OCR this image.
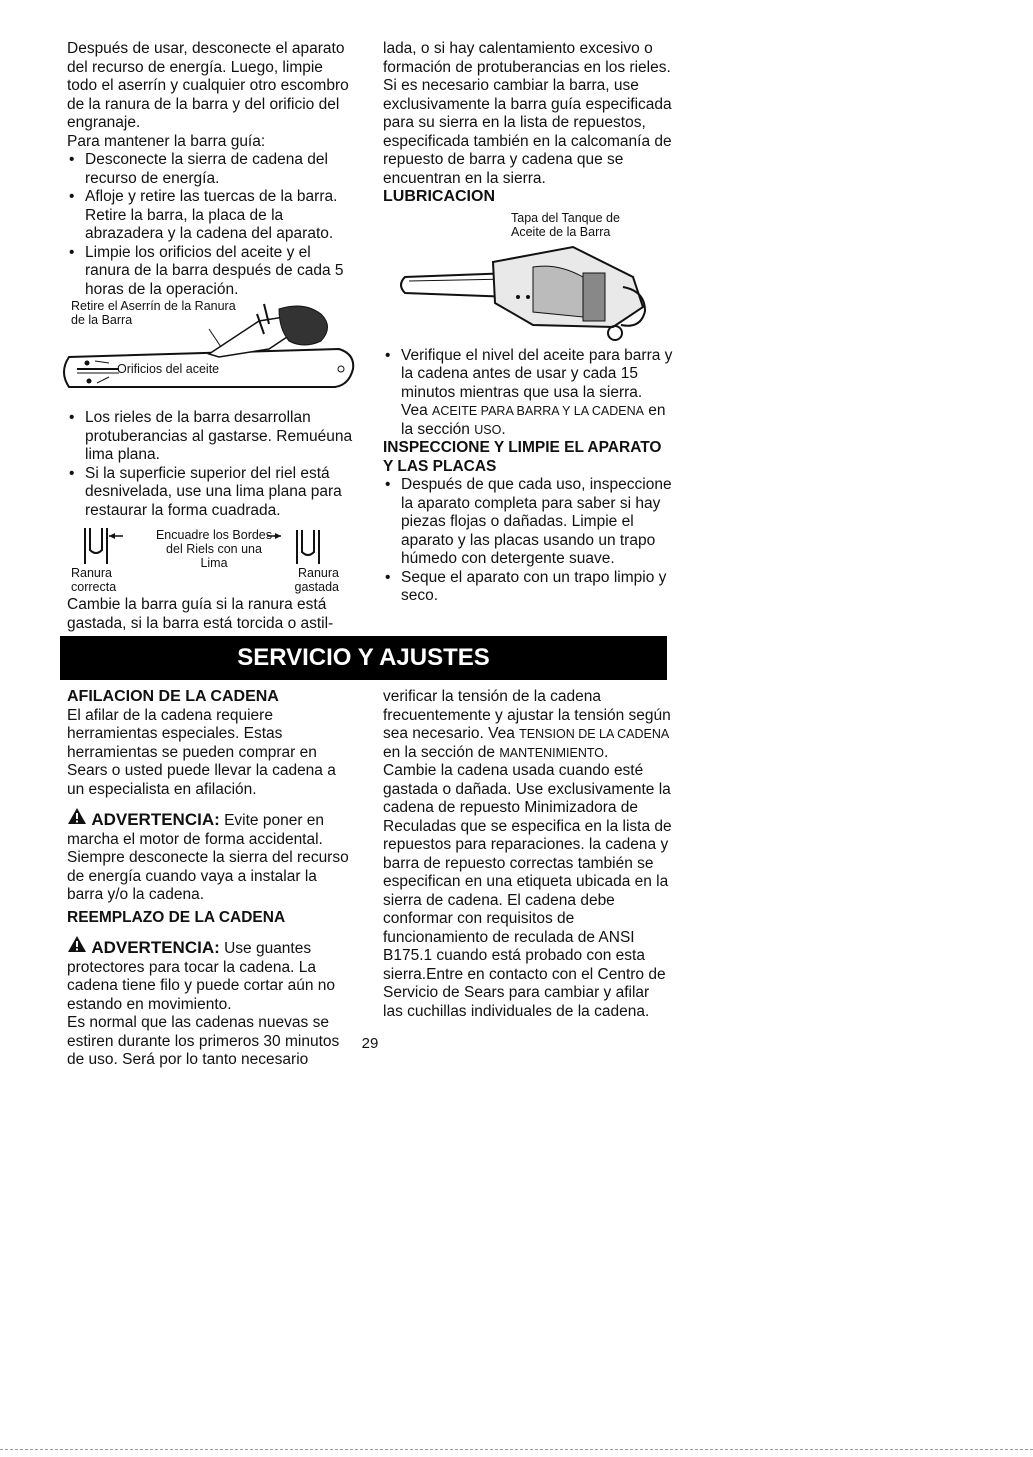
Después de usar, desconecte el aparato del recurso de energía. Luego, limpie todo el aserrín y cualquier otro escombro de la ranura de la barra y del orificio del engranaje.

Para mantener la barra guía:

• Desconecte la sierra de cadena del recurso de energía.

• Afloje y retire las tuercas de la barra. Retire la barra, la placa de la abrazadera y la cadena del aparato.

• Limpie los orificios del aceite y el ranura de la barra después de cada 5 horas de la operación.

Retire el Aserrín de la Ranura de la Barra
Orificios del aceite

• Los rieles de la barra desarrollan protuberancias al gastarse. Remuéuna lima plana.

• Si la superficie superior del riel está desnivelada, use una lima plana para restaurar la forma cuadrada.

Encuadre los Bordes del Riels con una Lima
Ranura correcta
Ranura gastada

Cambie la barra guía si la ranura está gastada, si la barra está torcida o astil-

lada, o si hay calentamiento excesivo o formación de protuberancias en los rieles. Si es necesario cambiar la barra, use exclusivamente la barra guía especificada para su sierra en la lista de repuestos, especificada también en la calcomanía de repuesto de barra y cadena que se encuentran en la sierra.

LUBRICACION

Tapa del Tanque de Aceite de la Barra

• Verifique el nivel del aceite para barra y la cadena antes de usar y cada 15 minutos mientras que usa la sierra. Vea ACEITE PARA BARRA Y LA CADENA en la sección USO.

INSPECCIONE Y LIMPIE EL APARATO Y LAS PLACAS

• Después de que cada uso, inspeccione la aparato completa para saber si hay piezas flojas o dañadas. Limpie el aparato y las placas usando un trapo húmedo con detergente suave.

• Seque el aparato con un trapo limpio y seco.

SERVICIO Y AJUSTES

AFILACION DE LA CADENA

El afilar de la cadena requiere herramientas especiales. Estas herramientas se pueden comprar en Sears o usted puede llevar la cadena a un especialista en afilación.

ADVERTENCIA: Evite poner en marcha el motor de forma accidental. Siempre desconecte la sierra del recurso de energía cuando vaya a instalar la barra y/o la cadena.

REEMPLAZO DE LA CADENA

ADVERTENCIA: Use guantes protectores para tocar la cadena. La cadena tiene filo y puede cortar aún no estando en movimiento.

Es normal que las cadenas nuevas se estiren durante los primeros 30 minutos de uso. Será por lo tanto necesario

verificar la tensión de la cadena frecuentemente y ajustar la tensión según sea necesario. Vea TENSION DE LA CADENA en la sección de MANTENIMIENTO.

Cambie la cadena usada cuando esté gastada o dañada. Use exclusivamente la cadena de repuesto Minimizadora de Reculadas que se especifica en la lista de repuestos para reparaciones. la cadena y barra de repuesto correctas también se especifican en una etiqueta ubicada en la sierra de cadena. El cadena debe conformar con requisitos de funcionamiento de reculada de ANSI B175.1 cuando está probado con esta sierra.Entre en contacto con el Centro de Servicio de Sears para cambiar y afilar las cuchillas individuales de la cadena.

29
